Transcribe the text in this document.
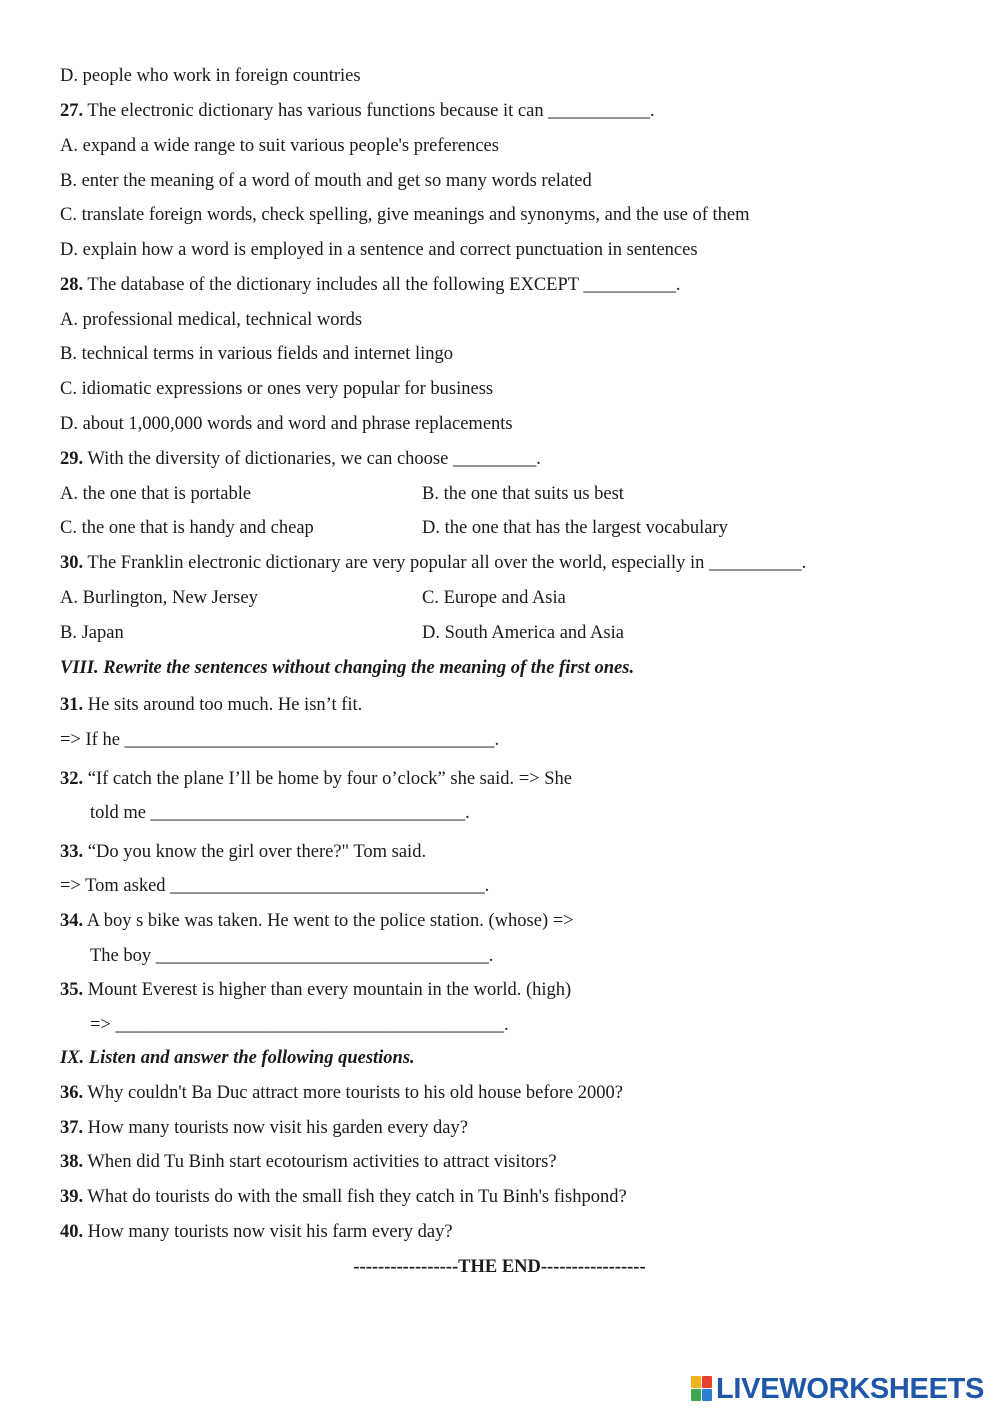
D. people who work in foreign countries
27. The electronic dictionary has various functions because it can ___________.
A. expand a wide range to suit various people's preferences
B. enter the meaning of a word of mouth and get so many words related
C. translate foreign words, check spelling, give meanings and synonyms, and the use of them
D. explain how a word is employed in a sentence and correct punctuation in sentences
28. The database of the dictionary includes all the following EXCEPT __________.
A. professional medical, technical words
B. technical terms in various fields and internet lingo
C. idiomatic expressions or ones very popular for business
D. about 1,000,000 words and word and phrase replacements
29. With the diversity of dictionaries, we can choose _________.
A. the one that is portable	B. the one that suits us best
C. the one that is handy and cheap	D. the one that has the largest vocabulary
30. The Franklin electronic dictionary are very popular all over the world, especially in __________.
A. Burlington, New Jersey	C. Europe and Asia
B. Japan	D. South America and Asia
VIII. Rewrite the sentences without changing the meaning of the first ones.
31. He sits around too much. He isn’t fit.
=> If he ________________________________________.
32. “If catch the plane I’ll be home by four o’clock” she said. => She
told me __________________________________.
33. “Do you know the girl over there?" Tom said.
=> Tom asked __________________________________.
34. A boy s bike was taken. He went to the police station. (whose) =>
The boy ____________________________________.
35. Mount Everest is higher than every mountain in the world. (high)
=> __________________________________________.
IX. Listen and answer the following questions.
36. Why couldn't Ba Duc attract more tourists to his old house before 2000?
37. How many tourists now visit his garden every day?
38. When did Tu Binh start ecotourism activities to attract visitors?
39. What do tourists do with the small fish they catch in Tu Binh's fishpond?
40. How many tourists now visit his farm every day?
-----------------THE END-----------------
LIVEWORKSHEETS
